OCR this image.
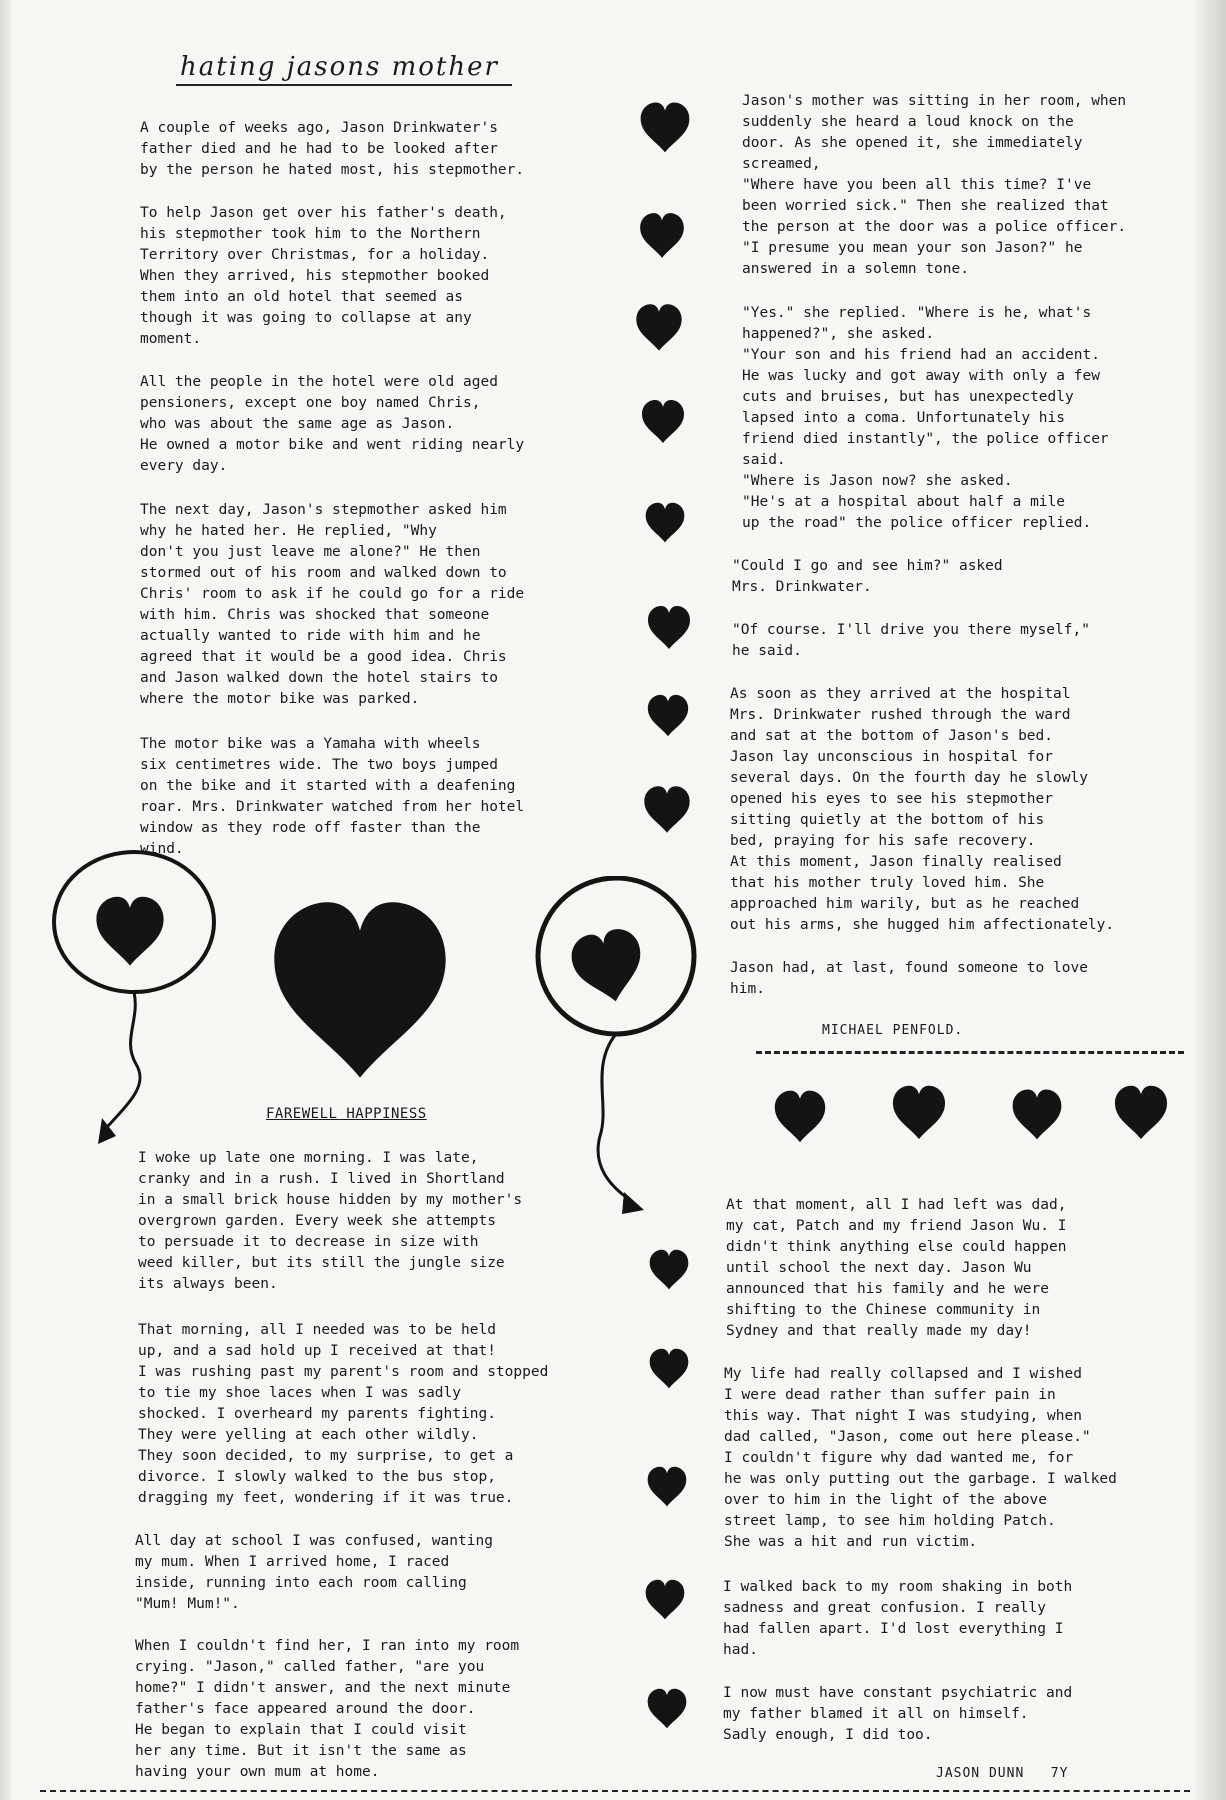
hating jasons mother

A couple of weeks ago, Jason Drinkwater's
father died and he had to be looked after
by the person he hated most, his stepmother.

To help Jason get over his father's death,
his stepmother took him to the Northern
Territory over Christmas, for a holiday.
When they arrived, his stepmother booked
them into an old hotel that seemed as
though it was going to collapse at any
moment.

All the people in the hotel were old aged
pensioners, except one boy named Chris,
who was about the same age as Jason.
He owned a motor bike and went riding nearly
every day.

The next day, Jason's stepmother asked him
why he hated her. He replied, "Why
don't you just leave me alone?" He then
stormed out of his room and walked down to
Chris' room to ask if he could go for a ride
with him. Chris was shocked that someone
actually wanted to ride with him and he
agreed that it would be a good idea. Chris
and Jason walked down the hotel stairs to
where the motor bike was parked.

The motor bike was a Yamaha with wheels
six centimetres wide. The two boys jumped
on the bike and it started with a deafening
roar. Mrs. Drinkwater watched from her hotel
window as they rode off faster than the
wind.

Jason's mother was sitting in her room, when
suddenly she heard a loud knock on the
door. As she opened it, she immediately
screamed,
"Where have you been all this time? I've
been worried sick." Then she realized that
the person at the door was a police officer.
"I presume you mean your son Jason?" he
answered in a solemn tone.

"Yes." she replied. "Where is he, what's
happened?", she asked.
"Your son and his friend had an accident.
He was lucky and got away with only a few
cuts and bruises, but has unexpectedly
lapsed into a coma. Unfortunately his
friend died instantly", the police officer
said.
"Where is Jason now? she asked.
"He's at a hospital about half a mile
up the road" the police officer replied.

"Could I go and see him?" asked
Mrs. Drinkwater.

"Of course. I'll drive you there myself,"
he said.

As soon as they arrived at the hospital
Mrs. Drinkwater rushed through the ward
and sat at the bottom of Jason's bed.
Jason lay unconscious in hospital for
several days. On the fourth day he slowly
opened his eyes to see his stepmother
sitting quietly at the bottom of his
bed, praying for his safe recovery.
At this moment, Jason finally realised
that his mother truly loved him. She
approached him warily, but as he reached
out his arms, she hugged him affectionately.

Jason had, at last, found someone to love
him.

MICHAEL PENFOLD.

FAREWELL HAPPINESS

I woke up late one morning. I was late,
cranky and in a rush. I lived in Shortland
in a small brick house hidden by my mother's
overgrown garden. Every week she attempts
to persuade it to decrease in size with
weed killer, but its still the jungle size
its always been.

That morning, all I needed was to be held
up, and a sad hold up I received at that!
I was rushing past my parent's room and stopped
to tie my shoe laces when I was sadly
shocked. I overheard my parents fighting.
They were yelling at each other wildly.
They soon decided, to my surprise, to get a
divorce. I slowly walked to the bus stop,
dragging my feet, wondering if it was true.

All day at school I was confused, wanting
my mum. When I arrived home, I raced
inside, running into each room calling
"Mum! Mum!".

When I couldn't find her, I ran into my room
crying. "Jason," called father, "are you
home?" I didn't answer, and the next minute
father's face appeared around the door.
He began to explain that I could visit
her any time. But it isn't the same as
having your own mum at home.

At that moment, all I had left was dad,
my cat, Patch and my friend Jason Wu. I
didn't think anything else could happen
until school the next day. Jason Wu
announced that his family and he were
shifting to the Chinese community in
Sydney and that really made my day!

My life had really collapsed and I wished
I were dead rather than suffer pain in
this way. That night I was studying, when
dad called, "Jason, come out here please."
I couldn't figure why dad wanted me, for
he was only putting out the garbage. I walked
over to him in the light of the above
street lamp, to see him holding Patch.
She was a hit and run victim.

I walked back to my room shaking in both
sadness and great confusion. I really
had fallen apart. I'd lost everything I
had.

I now must have constant psychiatric and
my father blamed it all on himself.
Sadly enough, I did too.

JASON DUNN 7Y
